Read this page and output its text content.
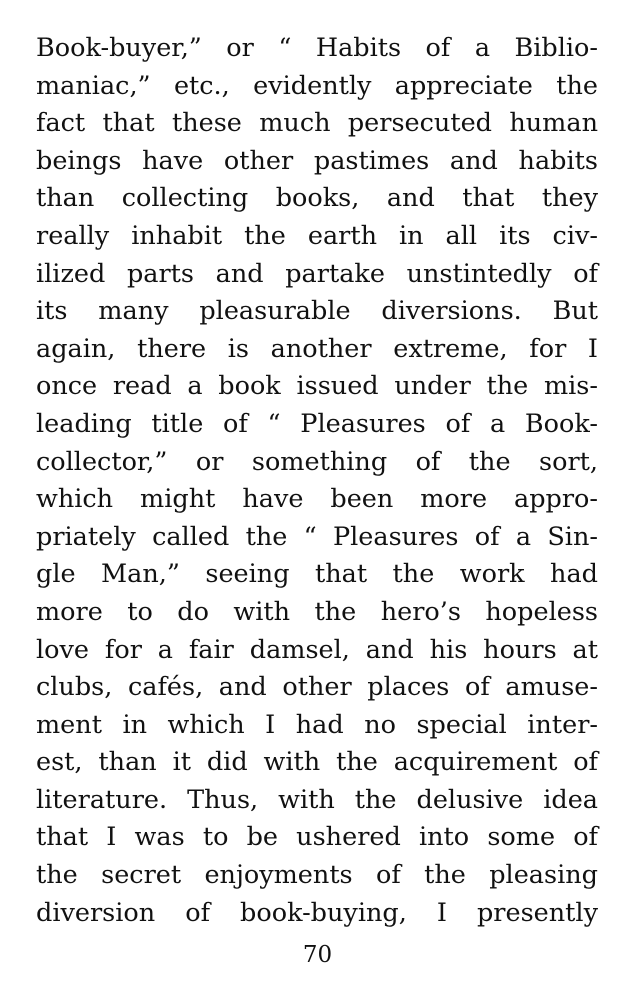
Book-buyer,” or “ Habits of a Biblio-
maniac,” etc., evidently appreciate the
fact that these much persecuted human
beings have other pastimes and habits
than collecting books, and that they
really inhabit the earth in all its civ-
ilized parts and partake unstintedly of
its many pleasurable diversions. But
again, there is another extreme, for I
once read a book issued under the mis-
leading title of “ Pleasures of a Book-
collector,” or something of the sort,
which might have been more appro-
priately called the “ Pleasures of a Sin-
gle Man,” seeing that the work had
more to do with the hero’s hopeless
love for a fair damsel, and his hours at
clubs, cafés, and other places of amuse-
ment in which I had no special inter-
est, than it did with the acquirement of
literature. Thus, with the delusive idea
that I was to be ushered into some of
the secret enjoyments of the pleasing
diversion of book-buying, I presently
70
